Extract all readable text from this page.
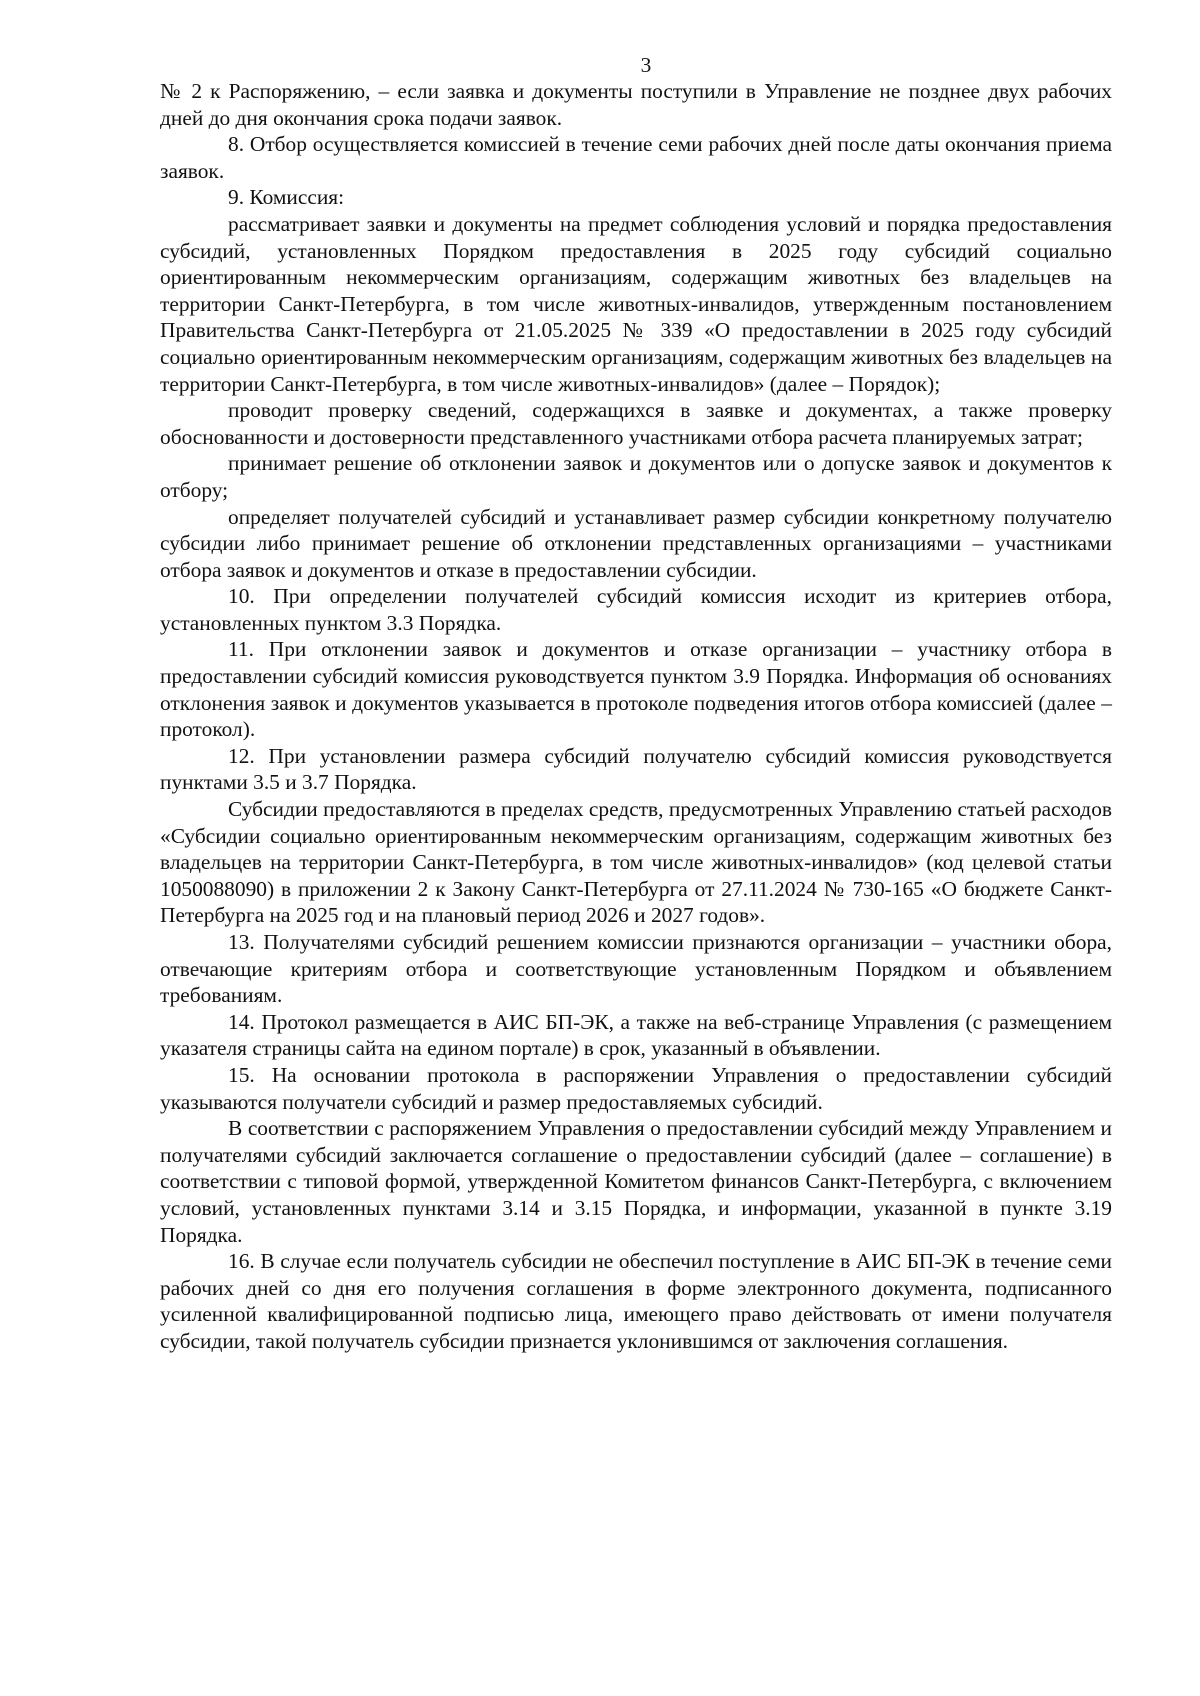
3

№ 2 к Распоряжению, – если заявка и документы поступили в Управление не позднее двух рабочих дней до дня окончания срока подачи заявок.

8. Отбор осуществляется комиссией в течение семи рабочих дней после даты окончания приема заявок.

9. Комиссия:

рассматривает заявки и документы на предмет соблюдения условий и порядка предоставления субсидий, установленных Порядком предоставления в 2025 году субсидий социально ориентированным некоммерческим организациям, содержащим животных без владельцев на территории Санкт-Петербурга, в том числе животных-инвалидов, утвержденным постановлением Правительства Санкт-Петербурга от 21.05.2025 № 339 «О предоставлении в 2025 году субсидий социально ориентированным некоммерческим организациям, содержащим животных без владельцев на территории Санкт-Петербурга, в том числе животных-инвалидов» (далее – Порядок);

проводит проверку сведений, содержащихся в заявке и документах, а также проверку обоснованности и достоверности представленного участниками отбора расчета планируемых затрат;

принимает решение об отклонении заявок и документов или о допуске заявок и документов к отбору;

определяет получателей субсидий и устанавливает размер субсидии конкретному получателю субсидии либо принимает решение об отклонении представленных организациями – участниками отбора заявок и документов и отказе в предоставлении субсидии.

10. При определении получателей субсидий комиссия исходит из критериев отбора, установленных пунктом 3.3 Порядка.

11. При отклонении заявок и документов и отказе организации – участнику отбора в предоставлении субсидий комиссия руководствуется пунктом 3.9 Порядка. Информация об основаниях отклонения заявок и документов указывается в протоколе подведения итогов отбора комиссией (далее – протокол).

12. При установлении размера субсидий получателю субсидий комиссия руководствуется пунктами 3.5 и 3.7 Порядка.

Субсидии предоставляются в пределах средств, предусмотренных Управлению статьей расходов «Субсидии социально ориентированным некоммерческим организациям, содержащим животных без владельцев на территории Санкт-Петербурга, в том числе животных-инвалидов» (код целевой статьи 1050088090) в приложении 2 к Закону Санкт-Петербурга от 27.11.2024 № 730-165 «О бюджете Санкт-Петербурга на 2025 год и на плановый период 2026 и 2027 годов».

13. Получателями субсидий решением комиссии признаются организации – участники обора, отвечающие критериям отбора и соответствующие установленным Порядком и объявлением требованиям.

14. Протокол размещается в АИС БП-ЭК, а также на веб-странице Управления (с размещением указателя страницы сайта на едином портале) в срок, указанный в объявлении.

15. На основании протокола в распоряжении Управления о предоставлении субсидий указываются получатели субсидий и размер предоставляемых субсидий.

В соответствии с распоряжением Управления о предоставлении субсидий между Управлением и получателями субсидий заключается соглашение о предоставлении субсидий (далее – соглашение) в соответствии с типовой формой, утвержденной Комитетом финансов Санкт-Петербурга, с включением условий, установленных пунктами 3.14 и 3.15 Порядка, и информации, указанной в пункте 3.19 Порядка.

16. В случае если получатель субсидии не обеспечил поступление в АИС БП-ЭК в течение семи рабочих дней со дня его получения соглашения в форме электронного документа, подписанного усиленной квалифицированной подписью лица, имеющего право действовать от имени получателя субсидии, такой получатель субсидии признается уклонившимся от заключения соглашения.
